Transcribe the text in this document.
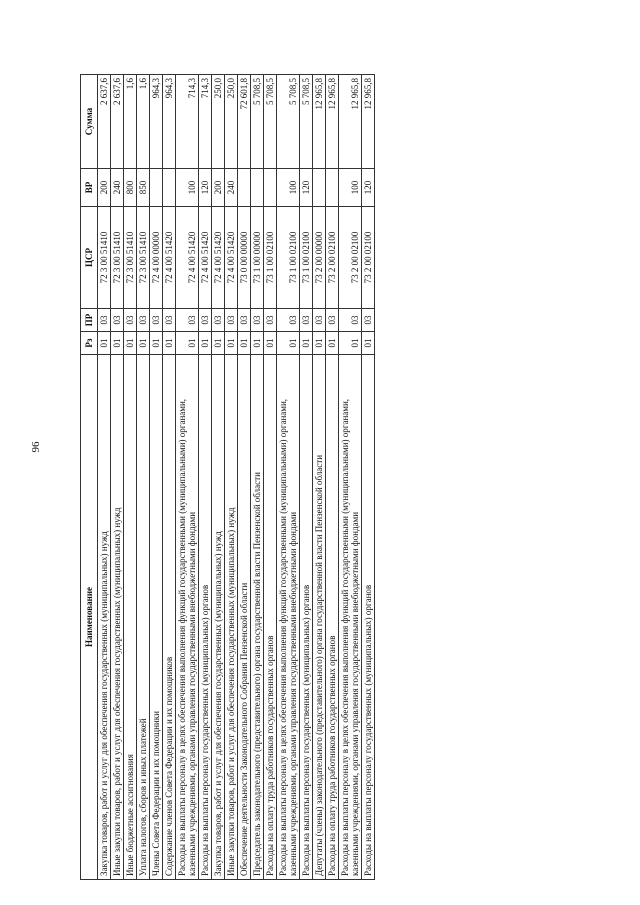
96
Наименование	Рз	ПР	ЦСР	ВР	Сумма
Закупка товаров, работ и услуг для обеспечения государственных (муниципальных) нужд	01	03	72 3 00 51410	200	2 637,6
Иные закупки товаров, работ и услуг для обеспечения государственных (муниципальных) нужд	01	03	72 3 00 51410	240	2 637,6
Иные бюджетные ассигнования	01	03	72 3 00 51410	800	1,6
Уплата налогов, сборов и иных платежей	01	03	72 3 00 51410	850	1,6
Члены Совета Федерации и их помощники	01	03	72 4 00 00000		964,3
Содержание членов Совета Федерации и их помощников	01	03	72 4 00 51420		964,3
Расходы на выплаты персоналу в целях обеспечения выполнения функций государственными (муниципальными) органами, казенными учреждениями, органами управления государственными внебюджетными фондами	01	03	72 4 00 51420	100	714,3
Расходы на выплаты персоналу государственных (муниципальных) органов	01	03	72 4 00 51420	120	714,3
Закупка товаров, работ и услуг для обеспечения государственных (муниципальных) нужд	01	03	72 4 00 51420	200	250,0
Иные закупки товаров, работ и услуг для обеспечения государственных (муниципальных) нужд	01	03	72 4 00 51420	240	250,0
Обеспечение деятельности Законодательного Собрания Пензенской области	01	03	73 0 00 00000		72 601,8
Председатель законодательного (представительного) органа государственной власти Пензенской области	01	03	73 1 00 00000		5 708,5
Расходы на оплату труда работников государственных органов	01	03	73 1 00 02100		5 708,5
Расходы на выплаты персоналу в целях обеспечения выполнения функций государственными (муниципальными) органами, казенными учреждениями, органами управления государственными внебюджетными фондами	01	03	73 1 00 02100	100	5 708,5
Расходы на выплаты персоналу государственных (муниципальных) органов	01	03	73 1 00 02100	120	5 708,5
Депутаты (члены) законодательного (представительного) органа государственной власти Пензенской области	01	03	73 2 00 00000		12 965,8
Расходы на оплату труда работников государственных органов	01	03	73 2 00 02100		12 965,8
Расходы на выплаты персоналу в целях обеспечения выполнения функций государственными (муниципальными) органами, казенными учреждениями, органами управления государственными внебюджетными фондами	01	03	73 2 00 02100	100	12 965,8
Расходы на выплаты персоналу государственных (муниципальных) органов	01	03	73 2 00 02100	120	12 965,8
